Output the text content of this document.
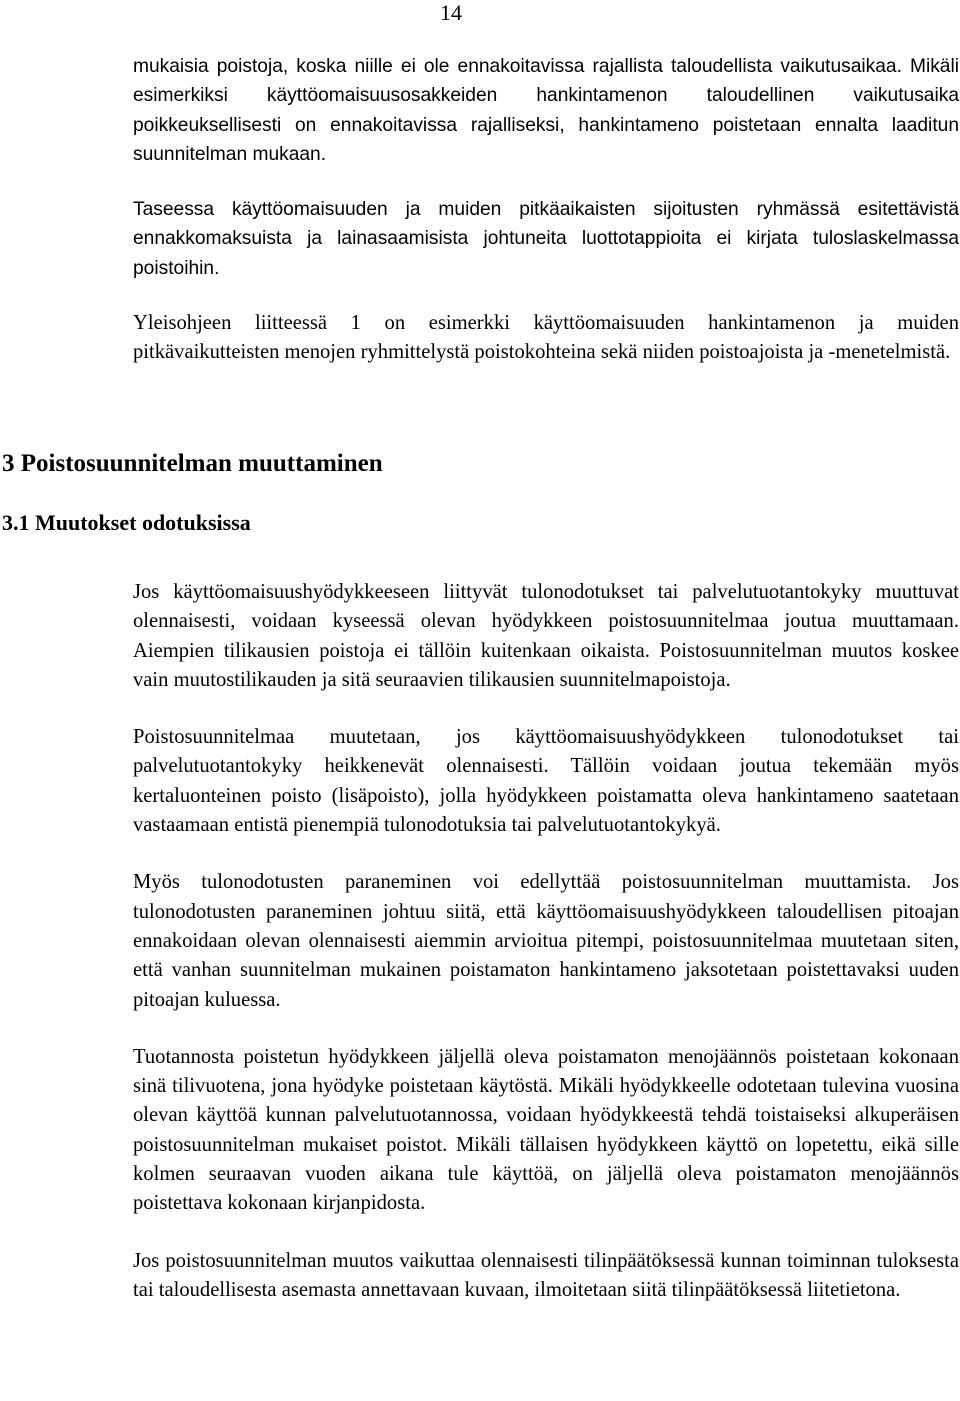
14

mukaisia poistoja, koska niille ei ole ennakoitavissa rajallista taloudellista vaikutusaikaa. Mikäli esimerkiksi käyttöomaisuusosakkeiden hankintamenon taloudellinen vaikutusaika poikkeuksellisesti on ennakoitavissa rajalliseksi, hankintameno poistetaan ennalta laaditun suunnitelman mukaan.

Taseessa käyttöomaisuuden ja muiden pitkäaikaisten sijoitusten ryhmässä esitettävistä ennakkomaksuista ja lainasaamisista johtuneita luottotappioita ei kirjata tuloslaskelmassa poistoihin.

Yleisohjeen liitteessä 1 on esimerkki käyttöomaisuuden hankintamenon ja muiden pitkävaikutteisten menojen ryhmittelystä poistokohteina sekä niiden poistoajoista ja -menetelmistä.

3 Poistosuunnitelman muuttaminen
3.1 Muutokset odotuksissa

Jos käyttöomaisuushyödykkeeseen liittyvät tulonodotukset tai palvelutuotantokyky muuttuvat olennaisesti, voidaan kyseessä olevan hyödykkeen poistosuunnitelmaa joutua muuttamaan. Aiempien tilikausien poistoja ei tällöin kuitenkaan oikaista. Poistosuunnitelman muutos koskee vain muutostilikauden ja sitä seuraavien tilikausien suunnitelmapoistoja.

Poistosuunnitelmaa muutetaan, jos käyttöomaisuushyödykkeen tulonodotukset tai palvelutuotantokyky heikkenevät olennaisesti. Tällöin voidaan joutua tekemään myös kertaluonteinen poisto (lisäpoisto), jolla hyödykkeen poistamatta oleva hankintameno saatetaan vastaamaan entistä pienempiä tulonodotuksia tai palvelutuotantokykyä.

Myös tulonodotusten paraneminen voi edellyttää poistosuunnitelman muuttamista. Jos tulonodotusten paraneminen johtuu siitä, että käyttöomaisuushyödykkeen taloudellisen pitoajan ennakoidaan olevan olennaisesti aiemmin arvioitua pitempi, poistosuunnitelmaa muutetaan siten, että vanhan suunnitelman mukainen poistamaton hankintameno jaksotetaan poistettavaksi uuden pitoajan kuluessa.

Tuotannosta poistetun hyödykkeen jäljellä oleva poistamaton menojäännös poistetaan kokonaan sinä tilivuotena, jona hyödyke poistetaan käytöstä. Mikäli hyödykkeelle odotetaan tulevina vuosina olevan käyttöä kunnan palvelutuotannossa, voidaan hyödykkeestä tehdä toistaiseksi alkuperäisen poistosuunnitelman mukaiset poistot. Mikäli tällaisen hyödykkeen käyttö on lopetettu, eikä sille kolmen seuraavan vuoden aikana tule käyttöä, on jäljellä oleva poistamaton menojäännös poistettava kokonaan kirjanpidosta.

Jos poistosuunnitelman muutos vaikuttaa olennaisesti tilinpäätöksessä kunnan toiminnan tuloksesta tai taloudellisesta asemasta annettavaan kuvaan, ilmoitetaan siitä tilinpäätöksessä liitetietona.
